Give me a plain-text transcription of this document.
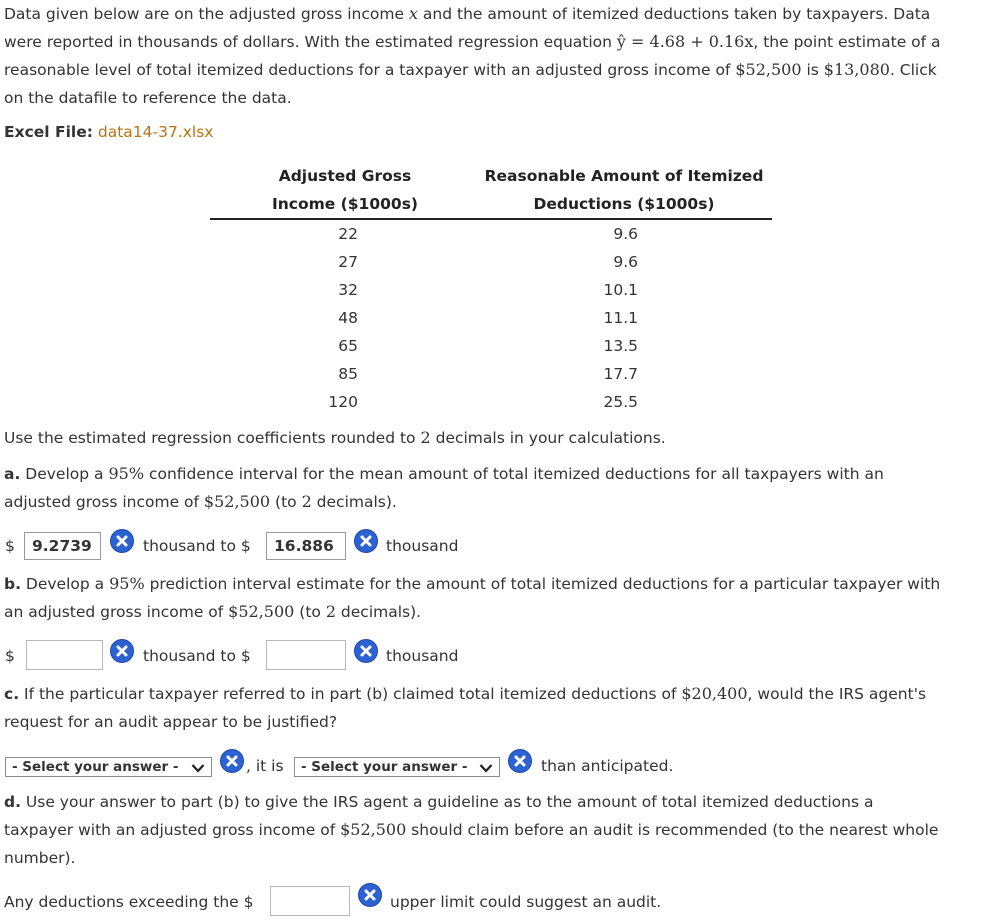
Data given below are on the adjusted gross income x and the amount of itemized deductions taken by taxpayers. Data
were reported in thousands of dollars. With the estimated regression equation ŷ = 4.68 + 0.16x, the point estimate of a
reasonable level of total itemized deductions for a taxpayer with an adjusted gross income of $52,500 is $13,080. Click
on the datafile to reference the data.
Excel File: data14-37.xlsx
Adjusted Gross
Income ($1000s)
Reasonable Amount of Itemized
Deductions ($1000s)
22	9.6
27	9.6
32	10.1
48	11.1
65	13.5
85	17.7
120	25.5
Use the estimated regression coefficients rounded to 2 decimals in your calculations.
a. Develop a 95% confidence interval for the mean amount of total itemized deductions for all taxpayers with an
adjusted gross income of $52,500 (to 2 decimals).
$	9.2739	thousand to $	16.886	thousand
b. Develop a 95% prediction interval estimate for the amount of total itemized deductions for a particular taxpayer with
an adjusted gross income of $52,500 (to 2 decimals).
$	thousand to $	thousand
c. If the particular taxpayer referred to in part (b) claimed total itemized deductions of $20,400, would the IRS agent's
request for an audit appear to be justified?
- Select your answer -	, it is	- Select your answer -	than anticipated.
d. Use your answer to part (b) to give the IRS agent a guideline as to the amount of total itemized deductions a
taxpayer with an adjusted gross income of $52,500 should claim before an audit is recommended (to the nearest whole
number).
Any deductions exceeding the $	upper limit could suggest an audit.
